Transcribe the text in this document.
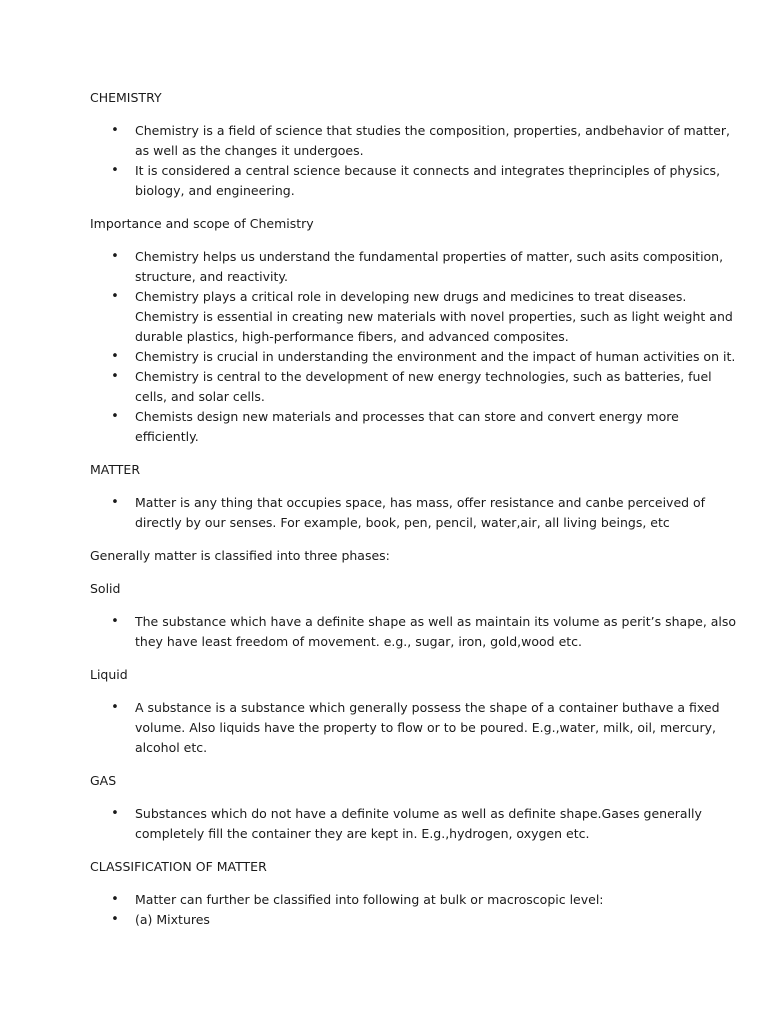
CHEMISTRY
• Chemistry is a field of science that studies the composition, properties, andbehavior of matter,
as well as the changes it undergoes.
• It is considered a central science because it connects and integrates theprinciples of physics,
biology, and engineering.
Importance and scope of Chemistry
• Chemistry helps us understand the fundamental properties of matter, such asits composition,
structure, and reactivity.
• Chemistry plays a critical role in developing new drugs and medicines to treat diseases.
Chemistry is essential in creating new materials with novel properties, such as light weight and
durable plastics, high-performance fibers, and advanced composites.
• Chemistry is crucial in understanding the environment and the impact of human activities on it.
• Chemistry is central to the development of new energy technologies, such as batteries, fuel
cells, and solar cells.
• Chemists design new materials and processes that can store and convert energy more
efficiently.
MATTER
• Matter is any thing that occupies space, has mass, offer resistance and canbe perceived of
directly by our senses. For example, book, pen, pencil, water,air, all living beings, etc
Generally matter is classified into three phases:
Solid
• The substance which have a definite shape as well as maintain its volume as perit’s shape, also
they have least freedom of movement. e.g., sugar, iron, gold,wood etc.
Liquid
• A substance is a substance which generally possess the shape of a container buthave a fixed
volume. Also liquids have the property to flow or to be poured. E.g.,water, milk, oil, mercury,
alcohol etc.
GAS
• Substances which do not have a definite volume as well as definite shape.Gases generally
completely fill the container they are kept in. E.g.,hydrogen, oxygen etc.
CLASSIFICATION OF MATTER
• Matter can further be classified into following at bulk or macroscopic level:
• (a) Mixtures
